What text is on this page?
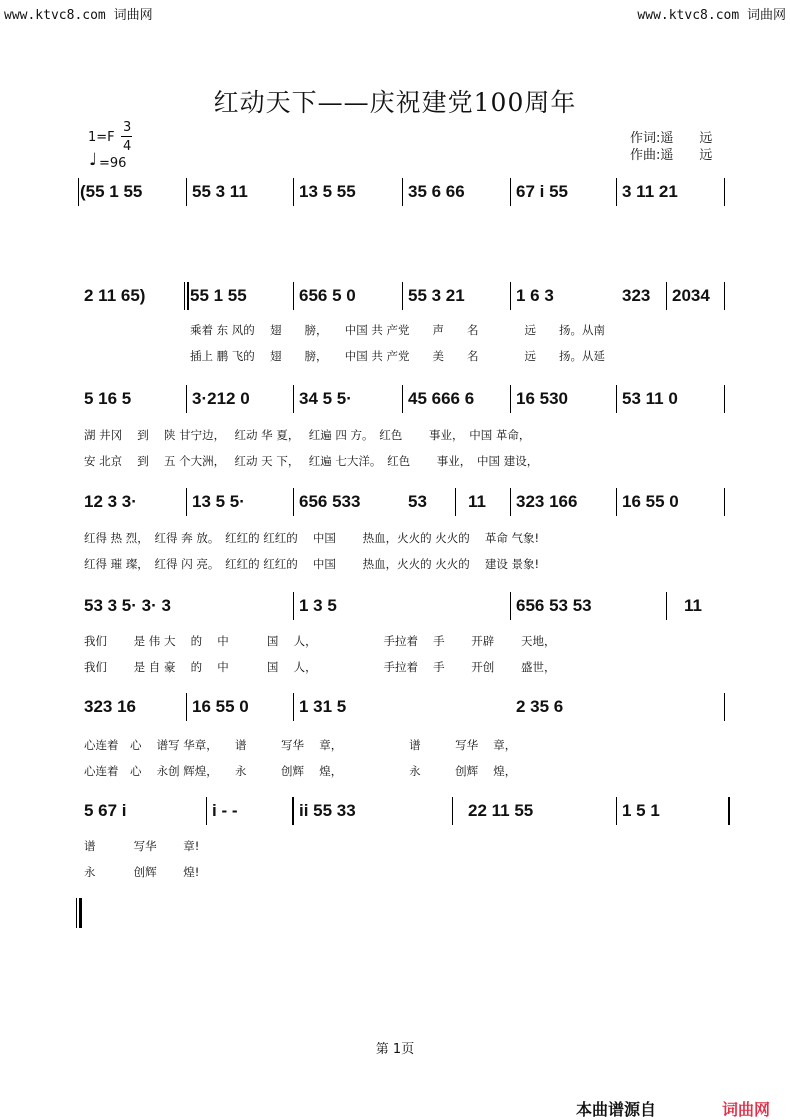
www.ktvc8.com 词曲网	www.ktvc8.com 词曲网
红动天下——庆祝建党100周年
1=F
3
4
♩ =96
作词:遥　　远
作曲:遥　　远
(55 1 55	55 3 11	13 5 55	35 6 66	67 i 55	3 11 21
2 11 65)	55 1 55	656 5 0	55 3 21	1 6 3	323 2034
乘着 东 风的　 翅　　膀，　　中国 共 产党　　声　　名　　　　远　　扬。从南
插上 鹏 飞的　 翅　　膀，　　中国 共 产党　　美　　名　　　　远　　扬。从延
5 16 5	3·212 0	34 5 5·	45 666 6 16 530	53 11 0
湖 井冈　 到　 陕 甘宁边，　 红动 华 夏，　 红遍 四 方。　红色　　 事业，　中国 革命，
安 北京　 到　 五 个大洲，　 红动 天 下，　 红遍 七大洋。　红色　　 事业，　中国 建设，
12 3 3·	13 5 5·	656 533	53 11 323 166	16 55 0
红得 热 烈，　红得 奔 放。　红红的 红红的　 中国　　 热血，火火的 火火的　 革命 气象!
红得 璀 璨，　红得 闪 亮。　红红的 红红的　 中国　　 热血，火火的 火火的　 建设 景象!
53 3 5· 3· 3	1 3 5	656 53 53	11
我们　　 是 伟 大　 的　 中　　　 国　 人，　　　　　　 手拉着　 手　　 开辟　　 天地，
我们　　 是 自 豪　 的　 中　　　 国　 人，　　　　　　 手拉着　 手　　 开创　　 盛世，
323 16	16 55 0	1 31 5	2 35 6
心连着　心　 谱写 华章，　　谱　　　写华　 章，　　　　　　 谱　　　写华　 章，
心连着　心　 永创 辉煌，　　永　　　创辉　 煌，　　　　　　 永　　　创辉　 煌，
5 67 i	i - -	ii 55 33	22 11 55	1 5 1
谱　　　 写华　　 章!
永　　　 创辉　　 煌!
第 1页
本曲谱源自	词曲网
